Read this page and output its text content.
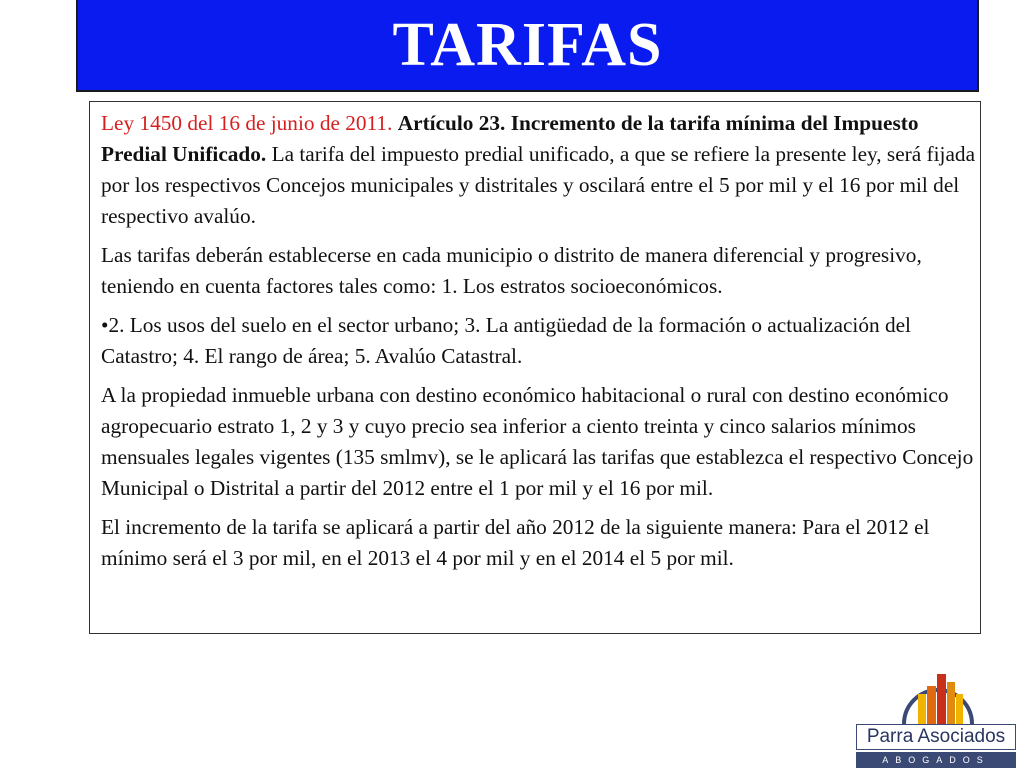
TARIFAS

Ley 1450 del 16 de junio de 2011. Artículo 23. Incremento de la tarifa mínima del Impuesto Predial Unificado. La tarifa del impuesto predial unificado, a que se refiere la presente ley, será fijada por los respectivos Concejos municipales y distritales y oscilará entre el 5 por mil y el 16 por mil del respectivo avalúo.

Las tarifas deberán establecerse en cada municipio o distrito de manera diferencial y progresivo, teniendo en cuenta factores tales como: 1. Los estratos socioeconómicos.

•2. Los usos del suelo en el sector urbano; 3. La antigüedad de la formación o actualización del Catastro; 4. El rango de área; 5. Avalúo Catastral.

A la propiedad inmueble urbana con destino económico habitacional o rural con destino económico agropecuario estrato 1, 2 y 3 y cuyo precio sea inferior a ciento treinta y cinco salarios mínimos mensuales legales vigentes (135 smlmv), se le aplicará las tarifas que establezca el respectivo Concejo Municipal o Distrital a partir del 2012 entre el 1 por mil y el 16 por mil.

El incremento de la tarifa se aplicará a partir del año 2012 de la siguiente manera: Para el 2012 el mínimo será el 3 por mil, en el 2013 el 4 por mil y en el 2014 el 5 por mil.

Parra Asociados
ABOGADOS
